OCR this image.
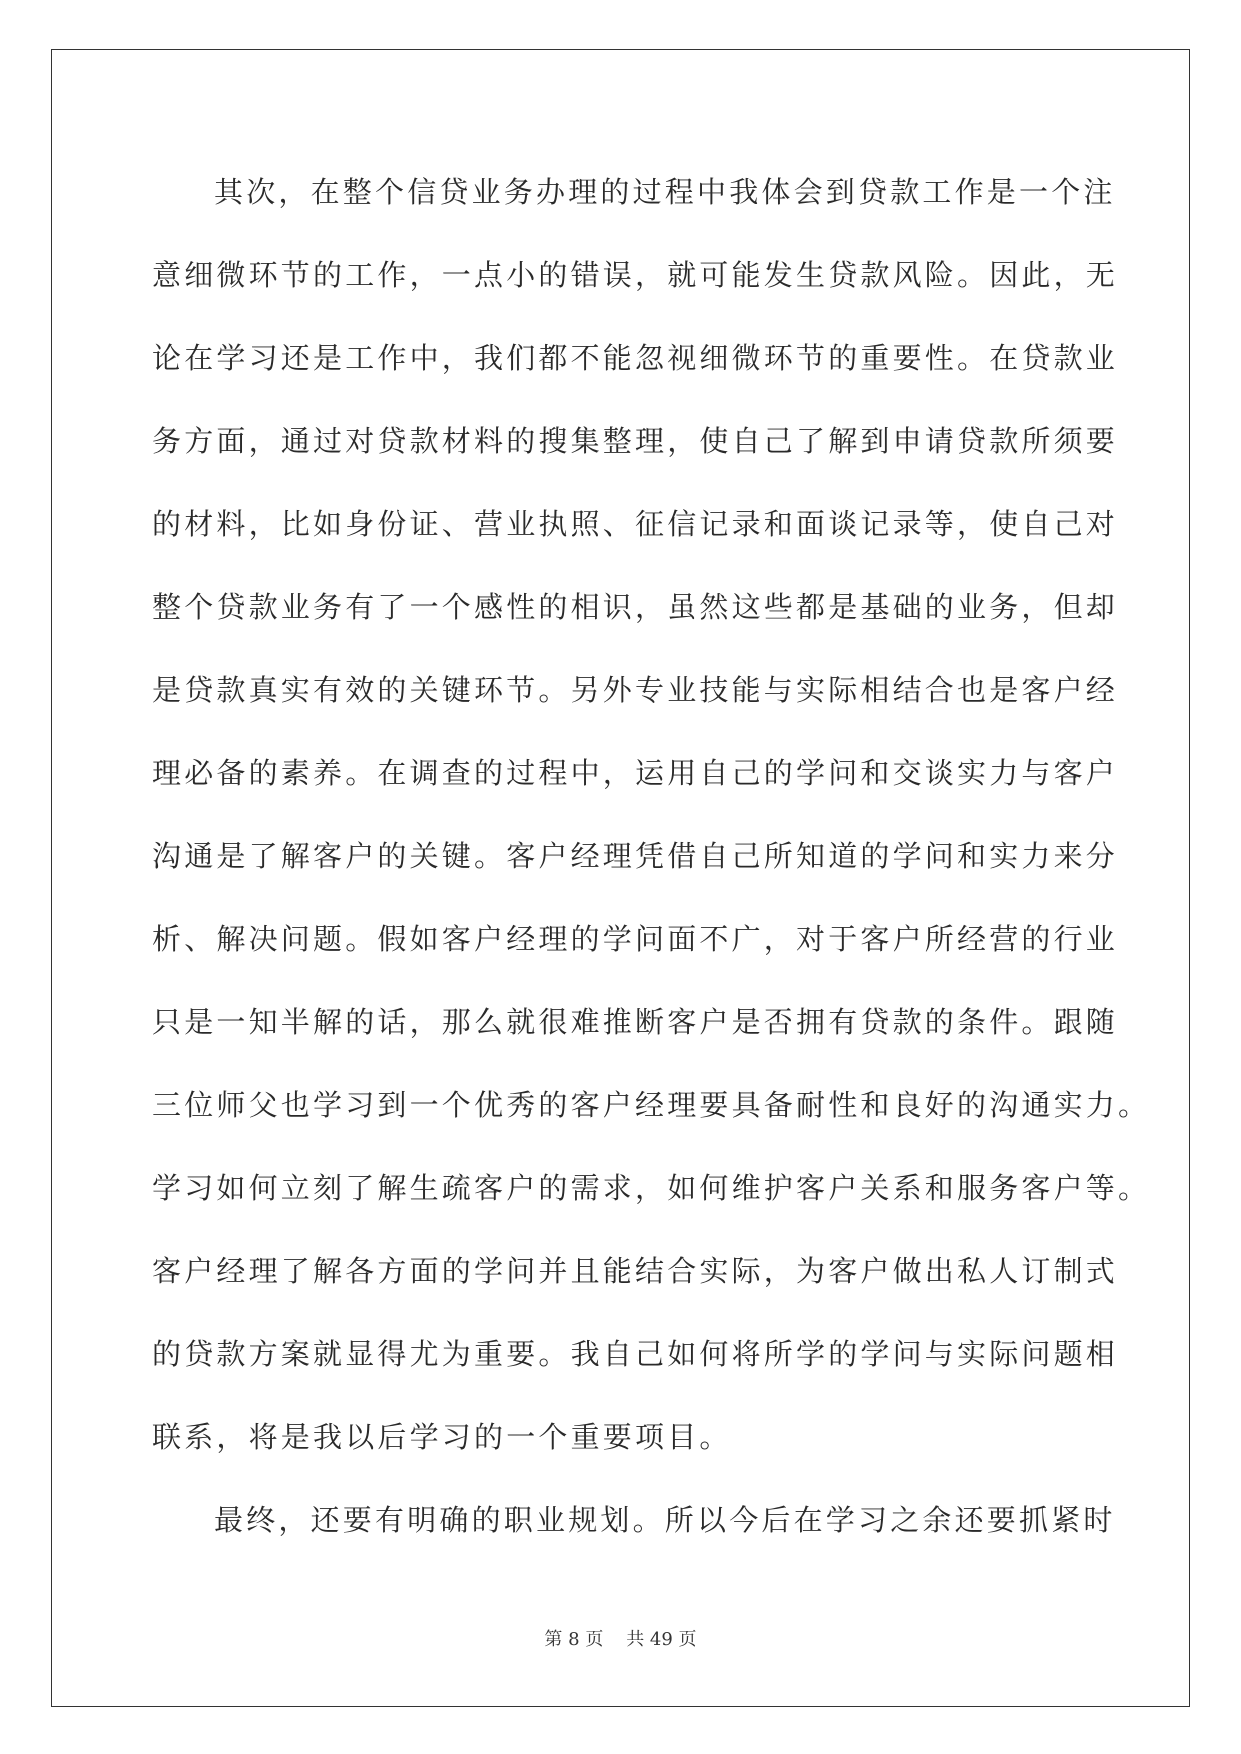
其次，在整个信贷业务办理的过程中我体会到贷款工作是一个注
意细微环节的工作，一点小的错误，就可能发生贷款风险。因此，无
论在学习还是工作中，我们都不能忽视细微环节的重要性。在贷款业
务方面，通过对贷款材料的搜集整理，使自己了解到申请贷款所须要
的材料，比如身份证、营业执照、征信记录和面谈记录等，使自己对
整个贷款业务有了一个感性的相识，虽然这些都是基础的业务，但却
是贷款真实有效的关键环节。另外专业技能与实际相结合也是客户经
理必备的素养。在调查的过程中，运用自己的学问和交谈实力与客户
沟通是了解客户的关键。客户经理凭借自己所知道的学问和实力来分
析、解决问题。假如客户经理的学问面不广，对于客户所经营的行业
只是一知半解的话，那么就很难推断客户是否拥有贷款的条件。跟随
三位师父也学习到一个优秀的客户经理要具备耐性和良好的沟通实力。
学习如何立刻了解生疏客户的需求，如何维护客户关系和服务客户等。
客户经理了解各方面的学问并且能结合实际，为客户做出私人订制式
的贷款方案就显得尤为重要。我自己如何将所学的学问与实际问题相
联系，将是我以后学习的一个重要项目。
最终，还要有明确的职业规划。所以今后在学习之余还要抓紧时
第 8 页    共 49 页
